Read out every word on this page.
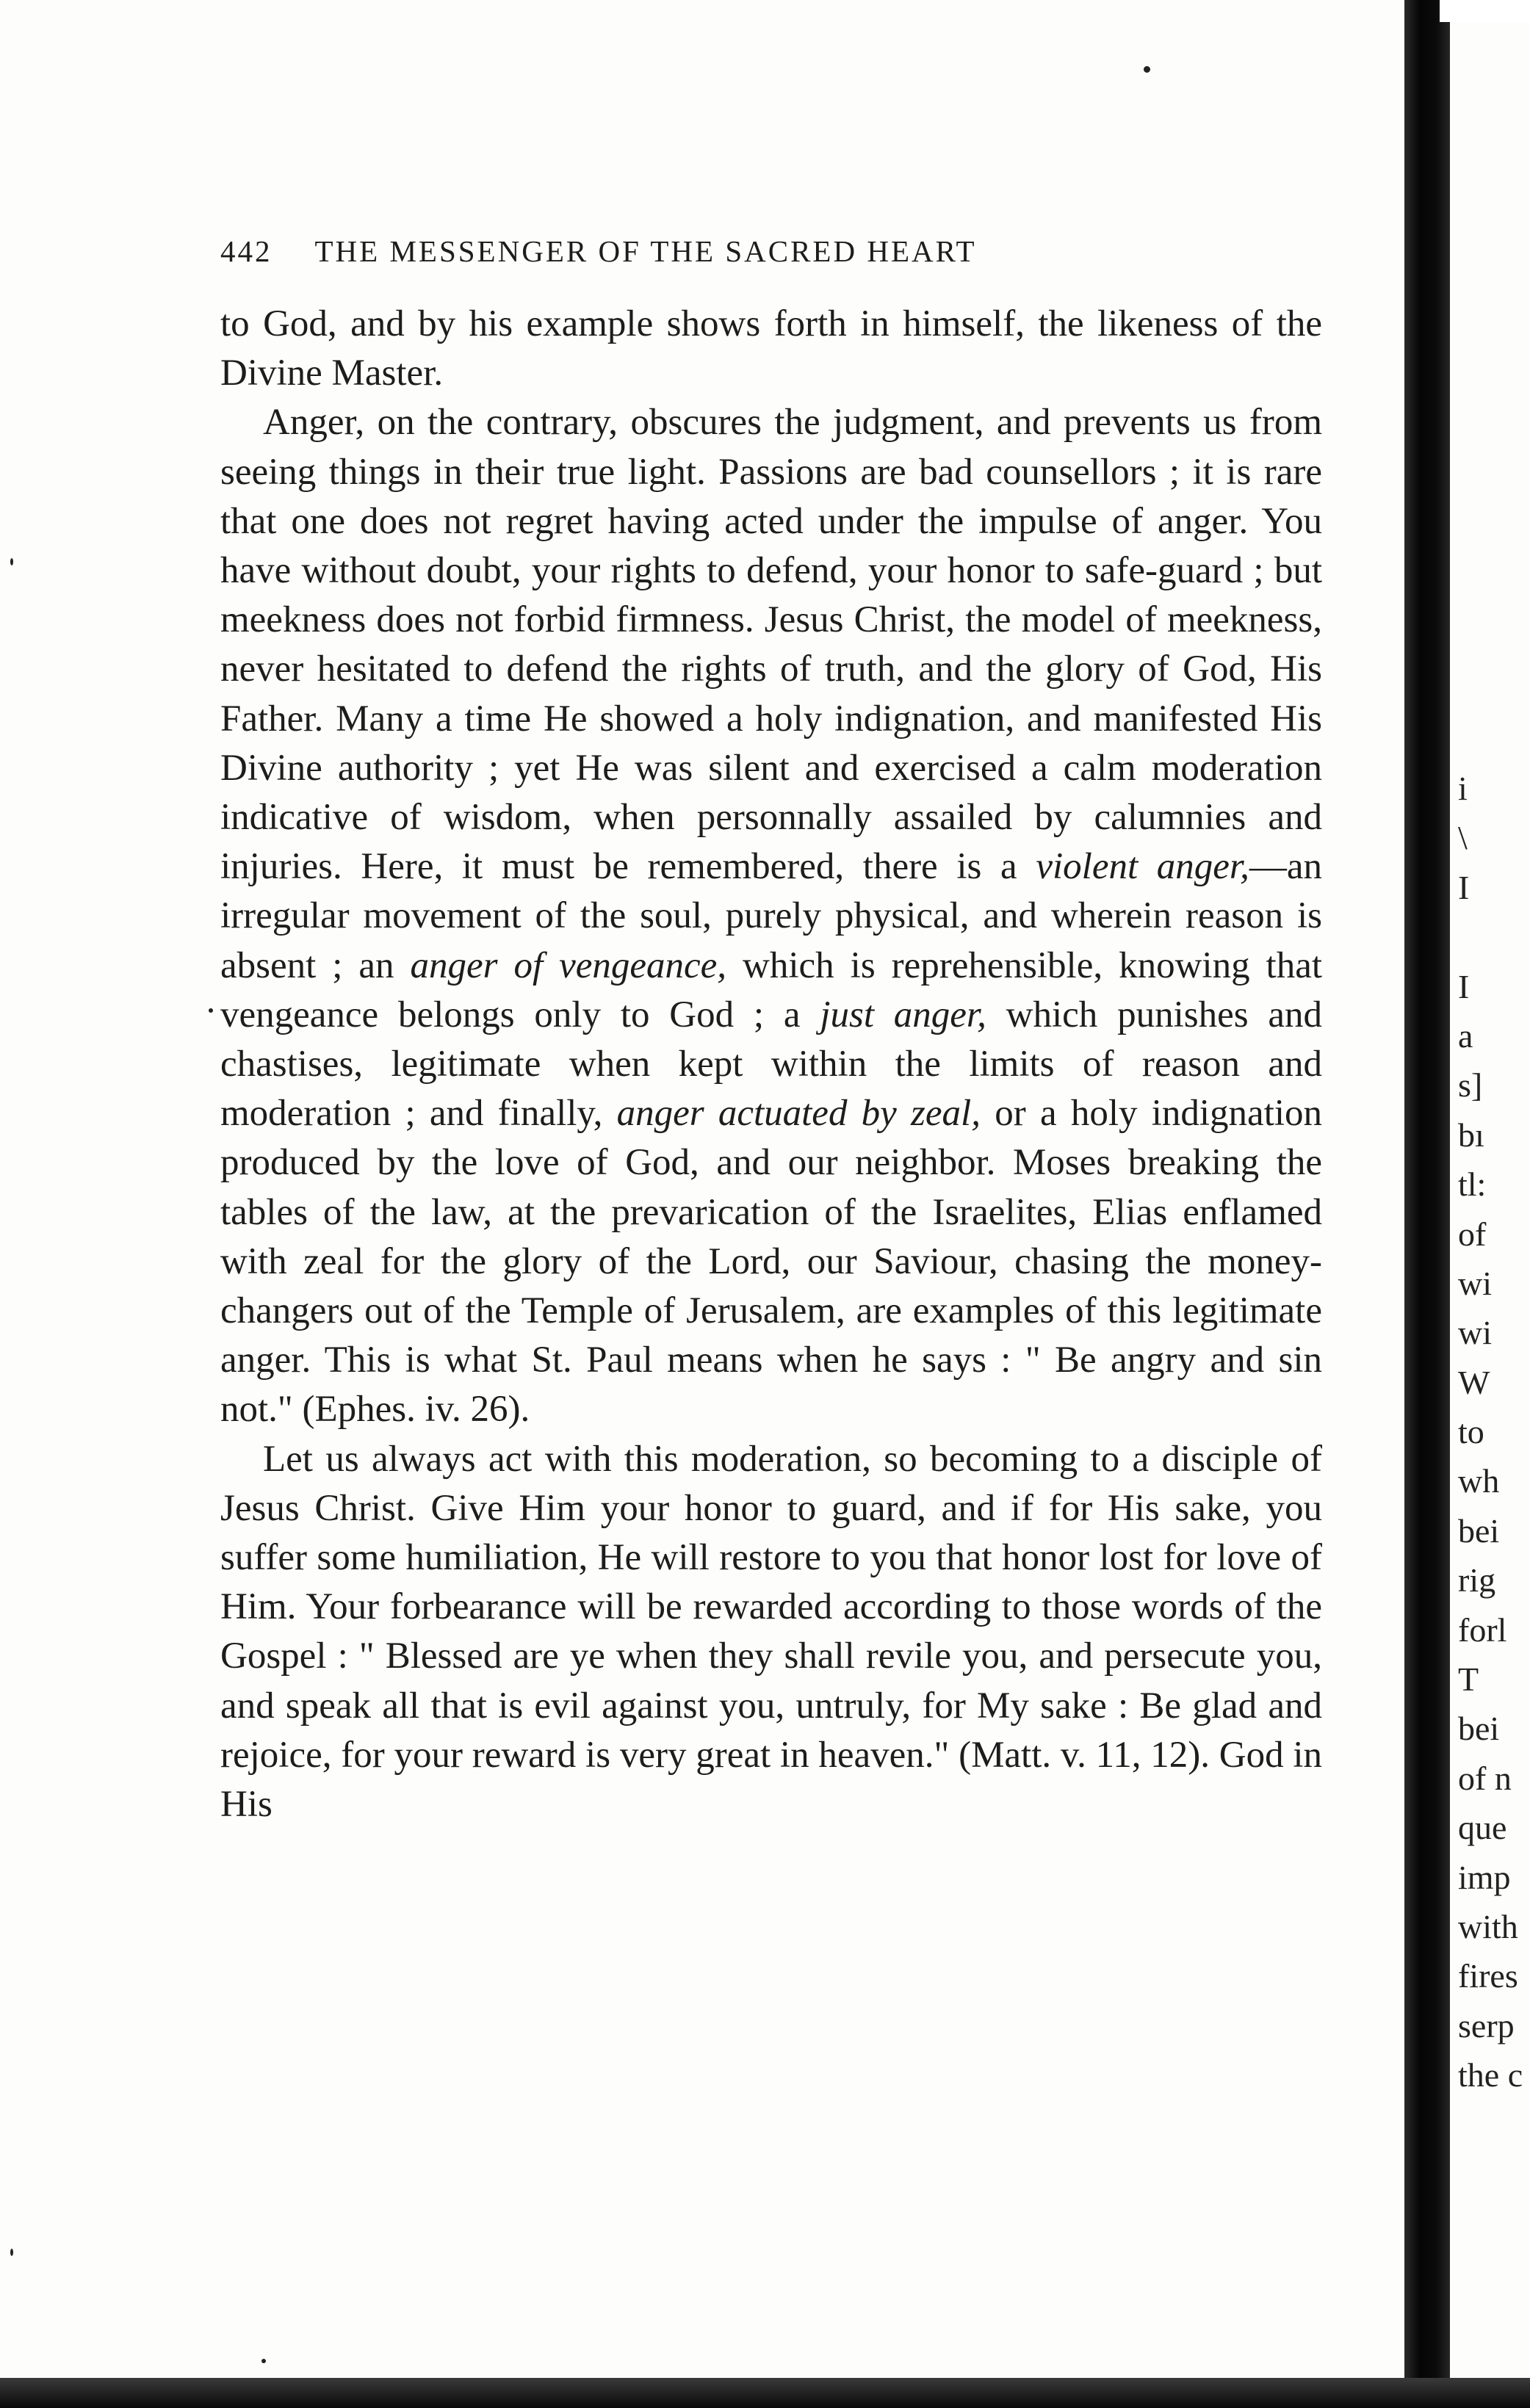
442 THE MESSENGER OF THE SACRED HEART

to God, and by his example shows forth in himself, the likeness of the Divine Master.

Anger, on the contrary, obscures the judgment, and prevents us from seeing things in their true light. Passions are bad counsellors ; it is rare that one does not regret having acted under the impulse of anger. You have without doubt, your rights to defend, your honor to safe-guard ; but meekness does not forbid firmness. Jesus Christ, the model of meekness, never hesitated to defend the rights of truth, and the glory of God, His Father. Many a time He showed a holy indignation, and manifested His Divine authority ; yet He was silent and exercised a calm moderation indicative of wisdom, when personnally assailed by calumnies and injuries. Here, it must be remembered, there is a violent anger,—an irregular movement of the soul, purely physical, and wherein reason is absent ; an anger of vengeance, which is reprehensible, knowing that vengeance belongs only to God ; a just anger, which punishes and chastises, legitimate when kept within the limits of reason and moderation ; and finally, anger actuated by zeal, or a holy indignation produced by the love of God, and our neighbor. Moses breaking the tables of the law, at the prevarication of the Israelites, Elias enflamed with zeal for the glory of the Lord, our Saviour, chasing the money-changers out of the Temple of Jerusalem, are examples of this legitimate anger. This is what St. Paul means when he says : " Be angry and sin not." (Ephes. iv. 26).

Let us always act with this moderation, so becoming to a disciple of Jesus Christ. Give Him your honor to guard, and if for His sake, you suffer some humiliation, He will restore to you that honor lost for love of Him. Your forbearance will be rewarded according to those words of the Gospel : " Blessed are ye when they shall revile you, and persecute you, and speak all that is evil against you, untruly, for My sake : Be glad and rejoice, for your reward is very great in heaven." (Matt. v. 11, 12). God in His

i
\
I
I
a
s]
bı
tl:
of
wi
wi
W
to
wh
bei
rig
forl
T
bei
of n
que
imp
with
fires
serp
the c
